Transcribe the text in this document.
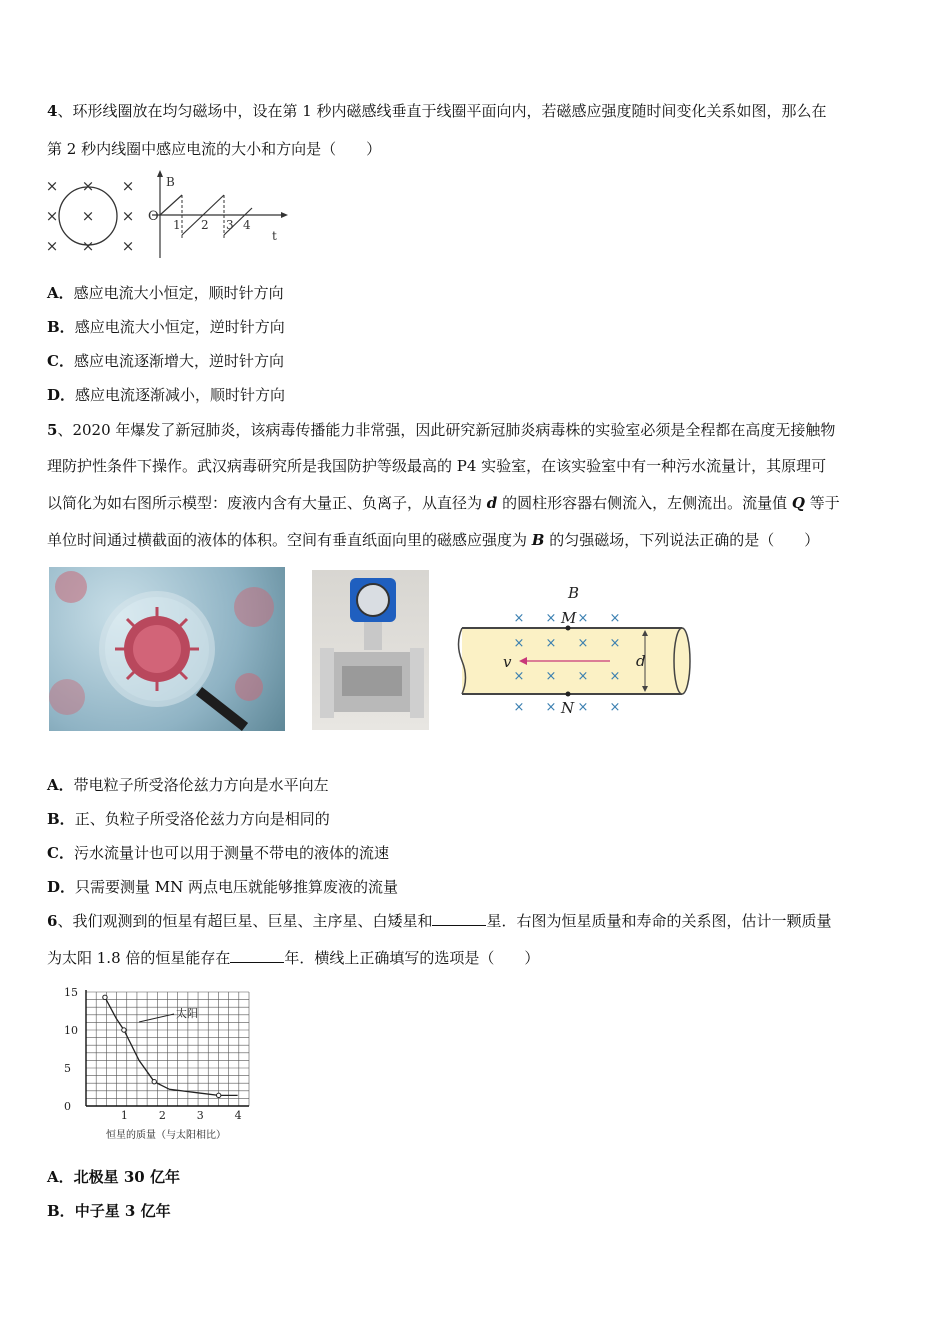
4、环形线圈放在均匀磁场中，设在第 1 秒内磁感线垂直于线圈平面向内，若磁感应强度随时间变化关系如图，那么在
第 2 秒内线圈中感应电流的大小和方向是（　　）
× × ×
× × ×
× × ×
B
t
O
1 2 3 4
A．感应电流大小恒定，顺时针方向
B．感应电流大小恒定，逆时针方向
C．感应电流逐渐增大，逆时针方向
D．感应电流逐渐减小，顺时针方向
5、2020 年爆发了新冠肺炎，该病毒传播能力非常强，因此研究新冠肺炎病毒株的实验室必须是全程都在高度无接触物
理防护性条件下操作。武汉病毒研究所是我国防护等级最高的 P4 实验室，在该实验室中有一种污水流量计，其原理可
以简化为如右图所示模型：废液内含有大量正、负离子，从直径为 d 的圆柱形容器右侧流入，左侧流出。流量值 Q 等于
单位时间通过横截面的液体的体积。空间有垂直纸面向里的磁感应强度为 B 的匀强磁场，下列说法正确的是（　　）
B
× × × ×
× × × ×
× × × ×
× × × ×
M
N
v	d
A．带电粒子所受洛伦兹力方向是水平向左
B．正、负粒子所受洛伦兹力方向是相同的
C．污水流量计也可以用于测量不带电的液体的流速
D．只需要测量 MN 两点电压就能够推算废液的流量
6、我们观测到的恒星有超巨星、巨星、主序星、白矮星和	星．右图为恒星质量和寿命的关系图，估计一颗质量
为太阳 1.8 倍的恒星能存在	年．横线上正确填写的选项是（　　）
0
5
10
15
1	2	3	4
太阳
恒星的质量（与太阳相比）
A．北极星 30 亿年
B．中子星 3 亿年
